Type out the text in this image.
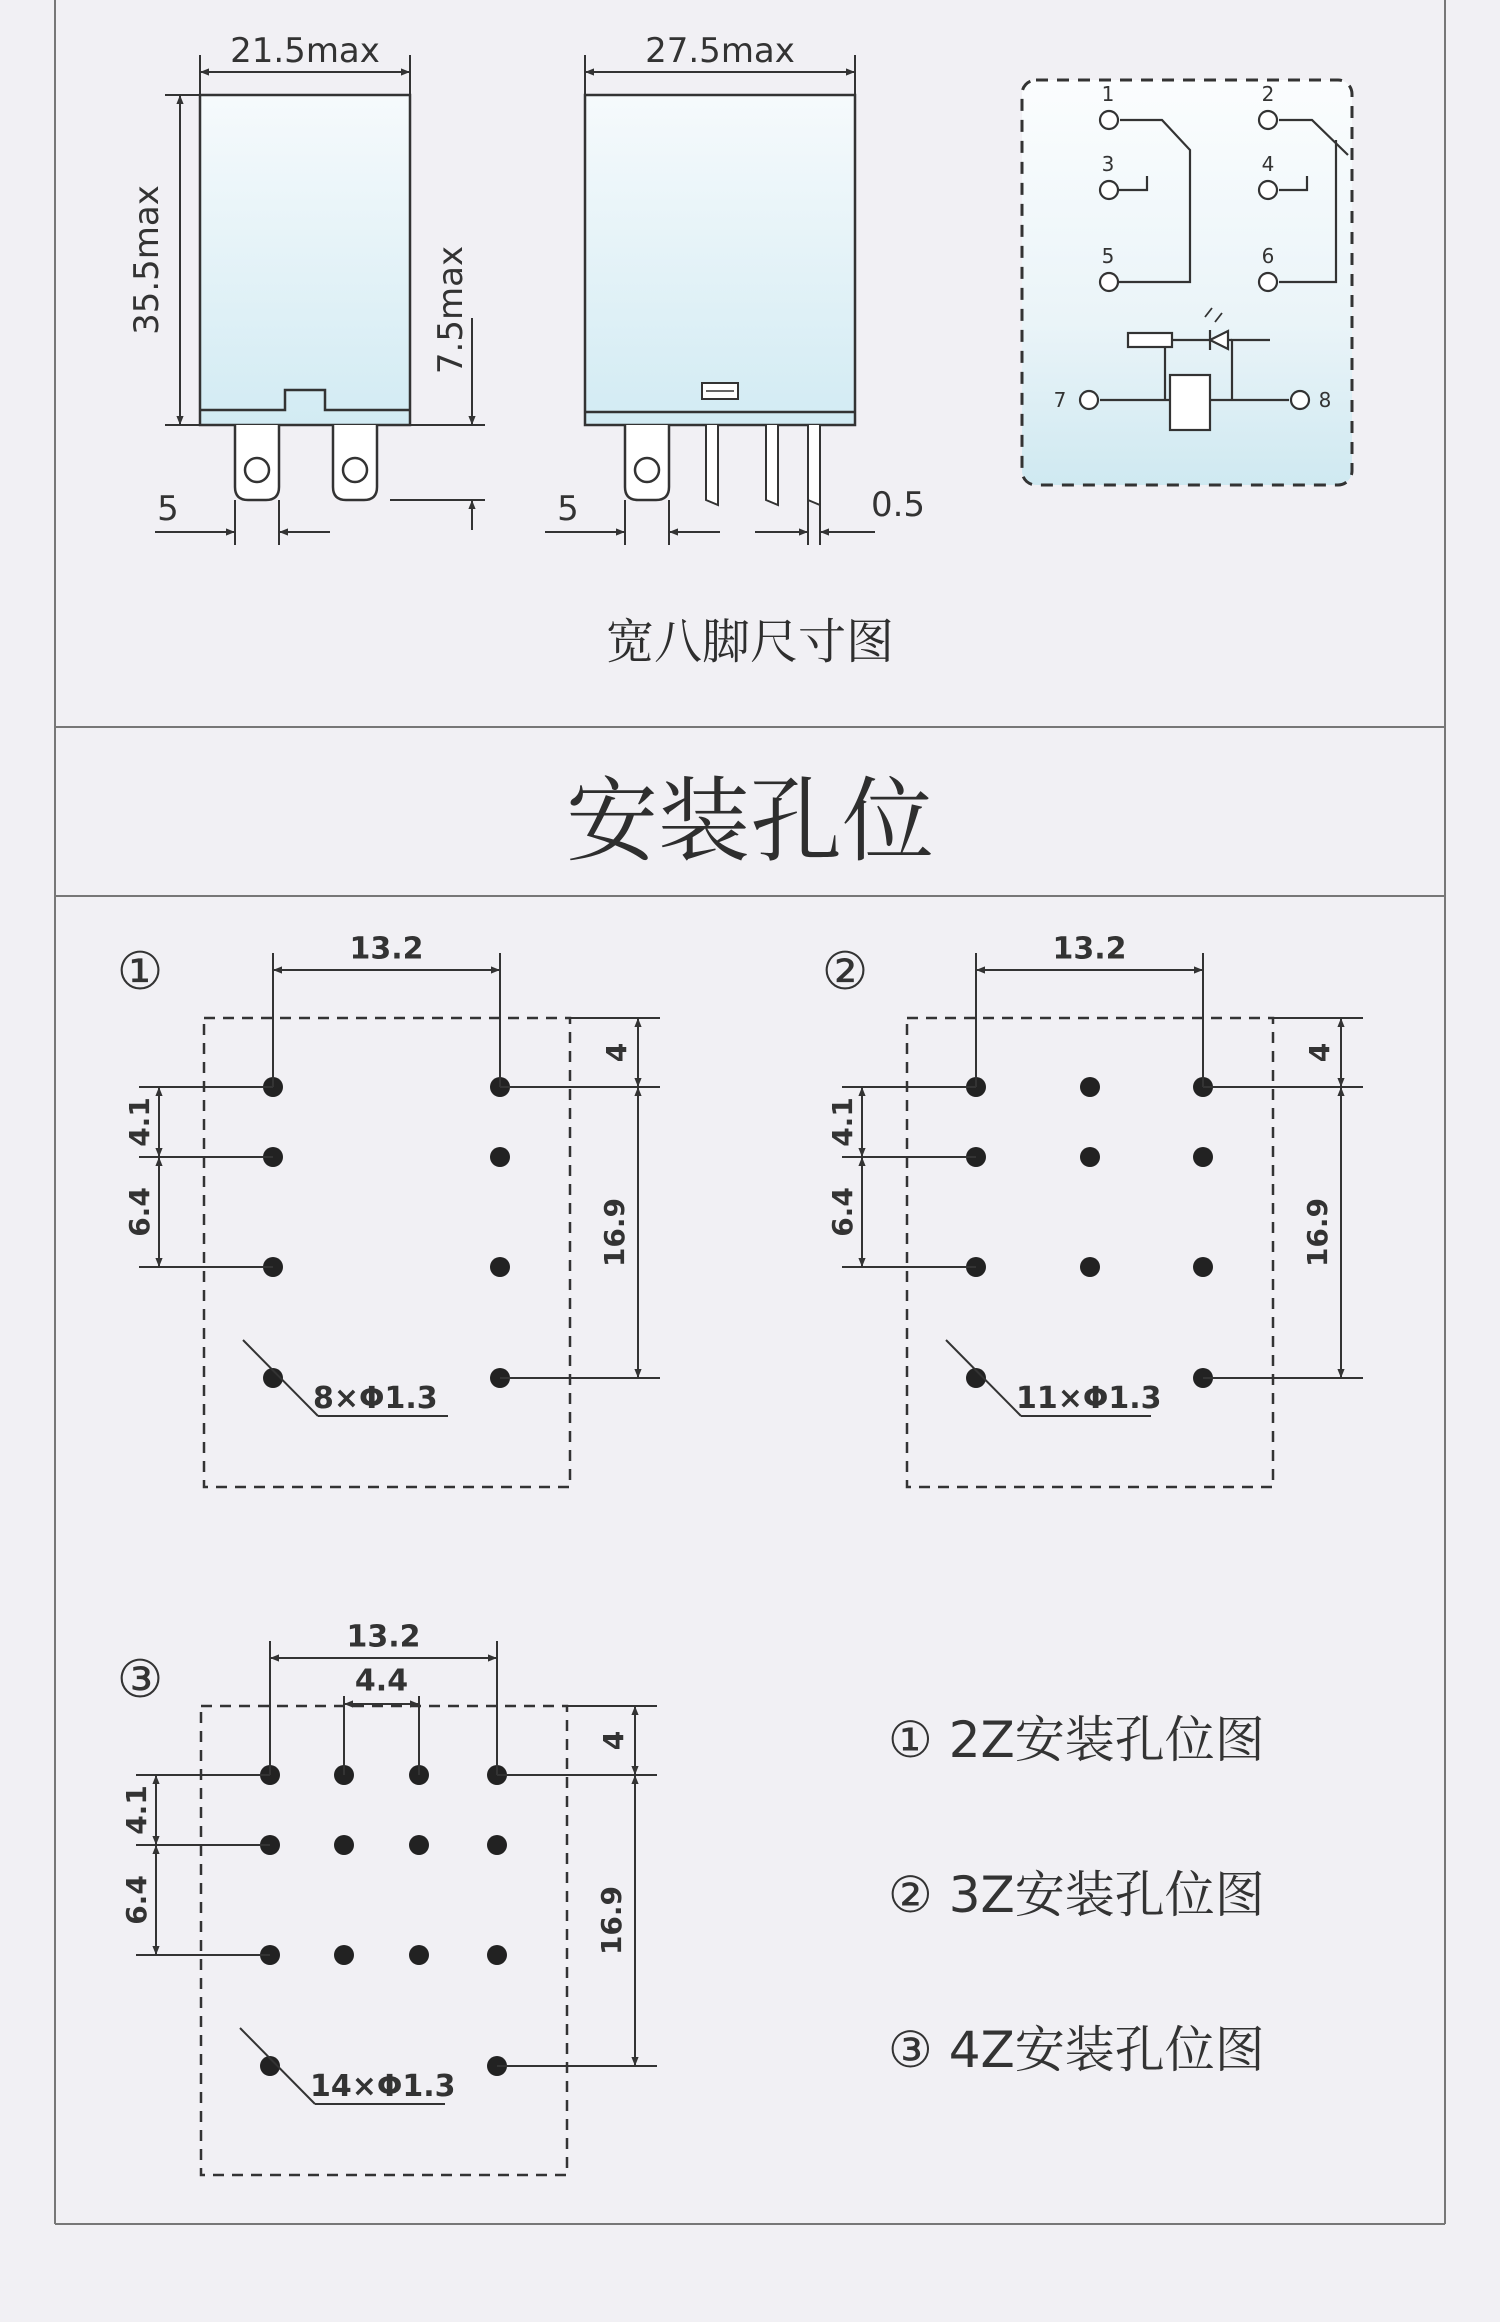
21.5max
35.5max	7.5max
5
27.5max
5	0.5
1	2
3	4
5	6
7	8
①	13.2
4.1
6.4
4
16.9
8×Φ1.3
②	13.2
4.1
6.4
4
16.9
11×Φ1.3
③
13.2
4.4
4.1
6.4
4
16.9
14×Φ1.3
宽八脚尺寸图
安装孔位
① 2Z安装孔位图
② 3Z安装孔位图
③ 4Z安装孔位图
